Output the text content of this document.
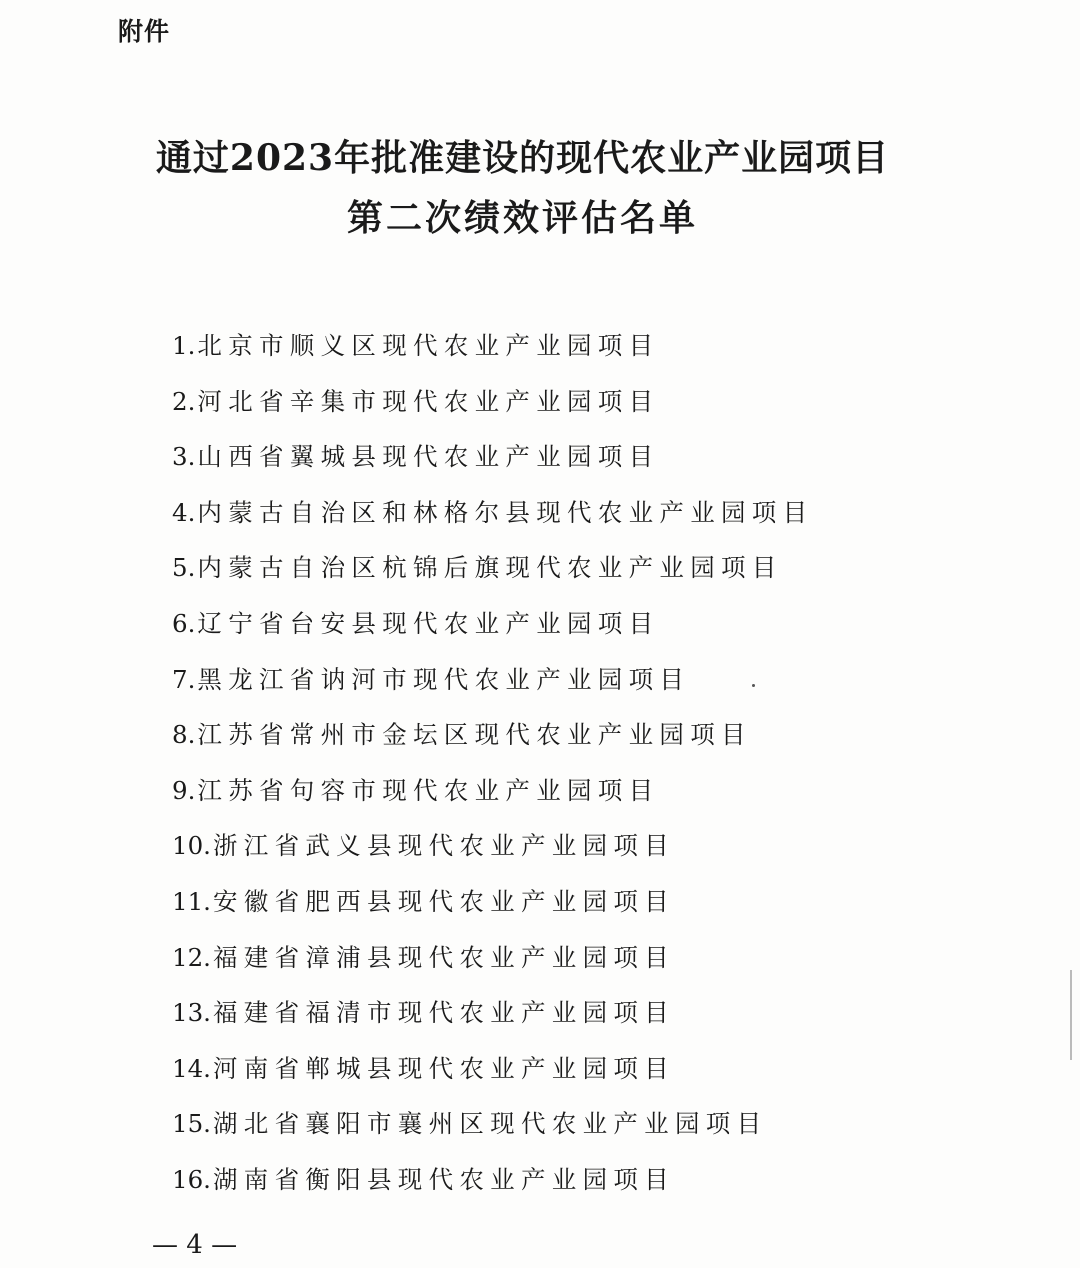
附件
通过2023年批准建设的现代农业产业园项目
第二次绩效评估名单
1.北京市顺义区现代农业产业园项目
2.河北省辛集市现代农业产业园项目
3.山西省翼城县现代农业产业园项目
4.内蒙古自治区和林格尔县现代农业产业园项目
5.内蒙古自治区杭锦后旗现代农业产业园项目
6.辽宁省台安县现代农业产业园项目
7.黑龙江省讷河市现代农业产业园项目
8.江苏省常州市金坛区现代农业产业园项目
9.江苏省句容市现代农业产业园项目
10.浙江省武义县现代农业产业园项目
11.安徽省肥西县现代农业产业园项目
12.福建省漳浦县现代农业产业园项目
13.福建省福清市现代农业产业园项目
14.河南省郸城县现代农业产业园项目
15.湖北省襄阳市襄州区现代农业产业园项目
16.湖南省衡阳县现代农业产业园项目
— 4 —
